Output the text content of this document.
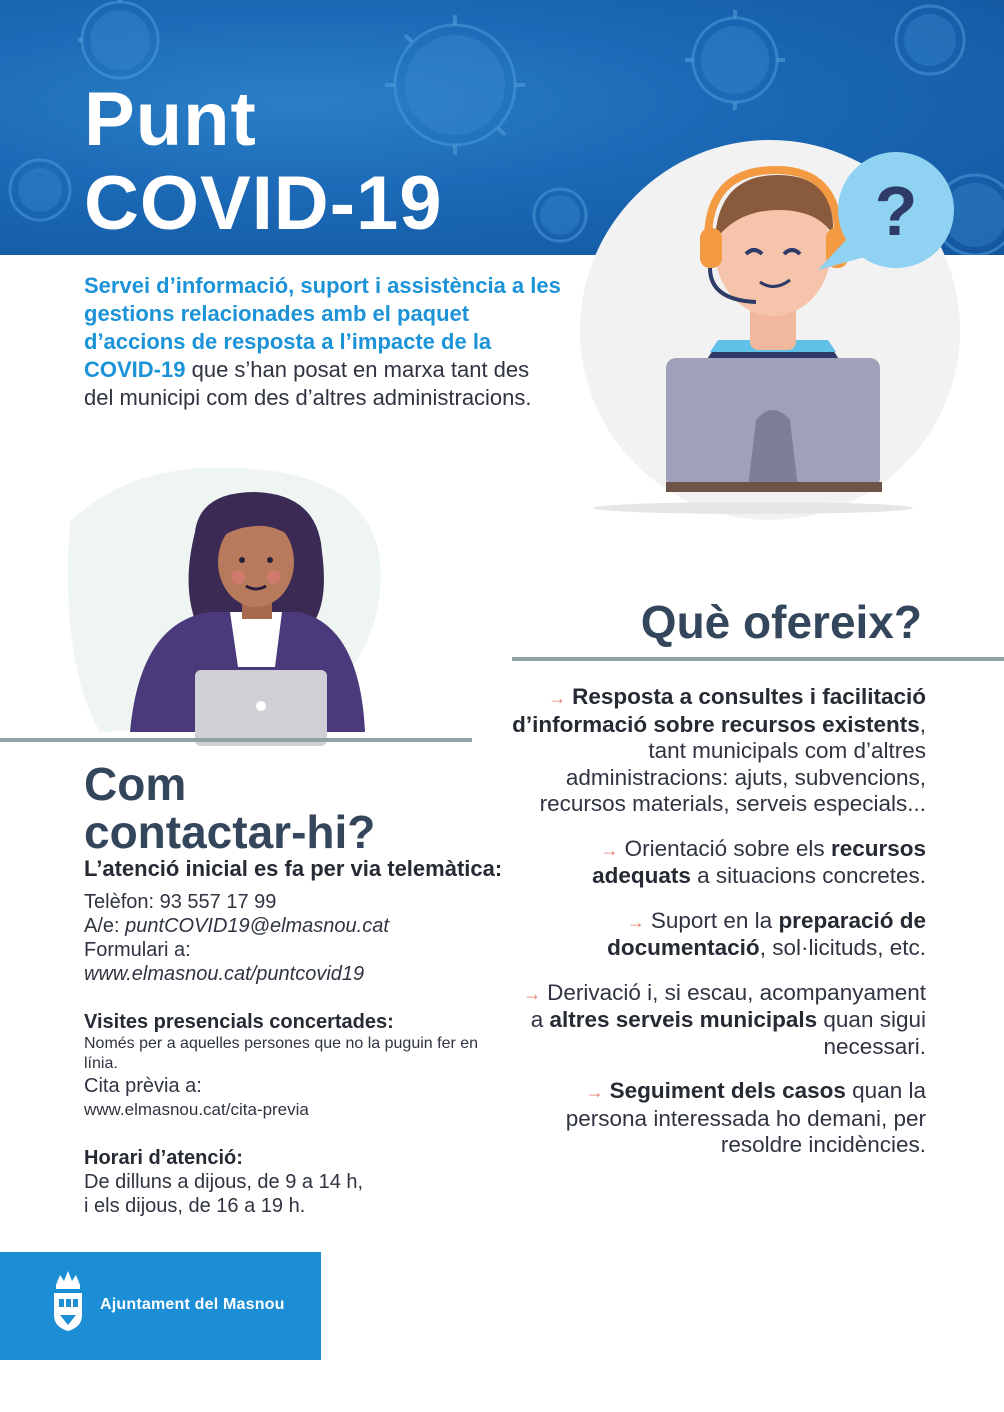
Punt
COVID-19	?

Servei d’informació, suport i assistència a les gestions relacionades amb el paquet d’accions de resposta a l’impacte de la COVID-19 que s’han posat en marxa tant des del municipi com des d’altres administracions.

Què ofereix?
→ Resposta a consultes i facilitació d’informació sobre recursos existents, tant municipals com d’altres administracions: ajuts, subvencions, recursos materials, serveis especials...
→ Orientació sobre els recursos adequats a situacions concretes.
→ Suport en la preparació de documentació, sol·licituds, etc.
→ Derivació i, si escau, acompanyament a altres serveis municipals quan sigui necessari.
→ Seguiment dels casos quan la persona interessada ho demani, per resoldre incidències.
Com
contactar-hi?
L’atenció inicial es fa per via telemàtica:
Telèfon: 93 557 17 99
A/e: puntCOVID19@elmasnou.cat
Formulari a:
www.elmasnou.cat/puntcovid19
Visites presencials concertades:
Només per a aquelles persones que no la puguin fer en línia.
Cita prèvia a:
www.elmasnou.cat/cita-previa
Horari d’atenció:
De dilluns a dijous, de 9 a 14 h,
i els dijous, de 16 a 19 h.
Ajuntament del Masnou
